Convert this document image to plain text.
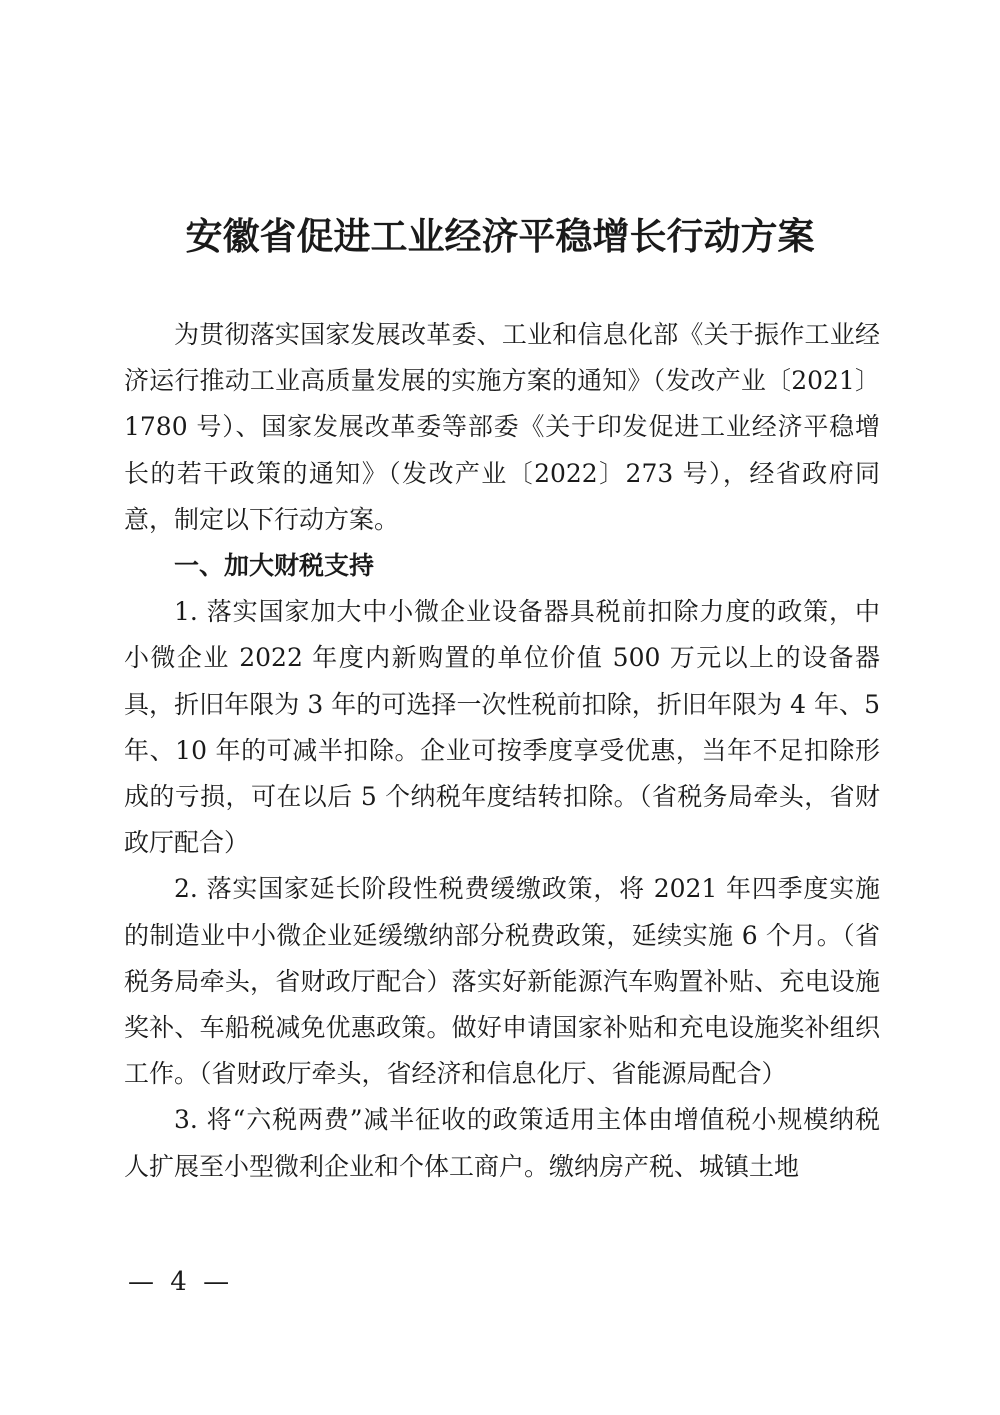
安徽省促进工业经济平稳增长行动方案

为贯彻落实国家发展改革委、工业和信息化部《关于振作工业经济运行推动工业高质量发展的实施方案的通知》（发改产业〔2021〕1780 号）、国家发展改革委等部委《关于印发促进工业经济平稳增长的若干政策的通知》（发改产业〔2022〕273 号），经省政府同意，制定以下行动方案。

一、加大财税支持

1. 落实国家加大中小微企业设备器具税前扣除力度的政策，中小微企业 2022 年度内新购置的单位价值 500 万元以上的设备器具，折旧年限为 3 年的可选择一次性税前扣除，折旧年限为 4 年、5 年、10 年的可减半扣除。企业可按季度享受优惠，当年不足扣除形成的亏损，可在以后 5 个纳税年度结转扣除。（省税务局牵头，省财政厅配合）

2. 落实国家延长阶段性税费缓缴政策，将 2021 年四季度实施的制造业中小微企业延缓缴纳部分税费政策，延续实施 6 个月。（省税务局牵头，省财政厅配合）落实好新能源汽车购置补贴、充电设施奖补、车船税减免优惠政策。做好申请国家补贴和充电设施奖补组织工作。（省财政厅牵头，省经济和信息化厅、省能源局配合）

3. 将“六税两费”减半征收的政策适用主体由增值税小规模纳税人扩展至小型微利企业和个体工商户。缴纳房产税、城镇土地

— 4 —
